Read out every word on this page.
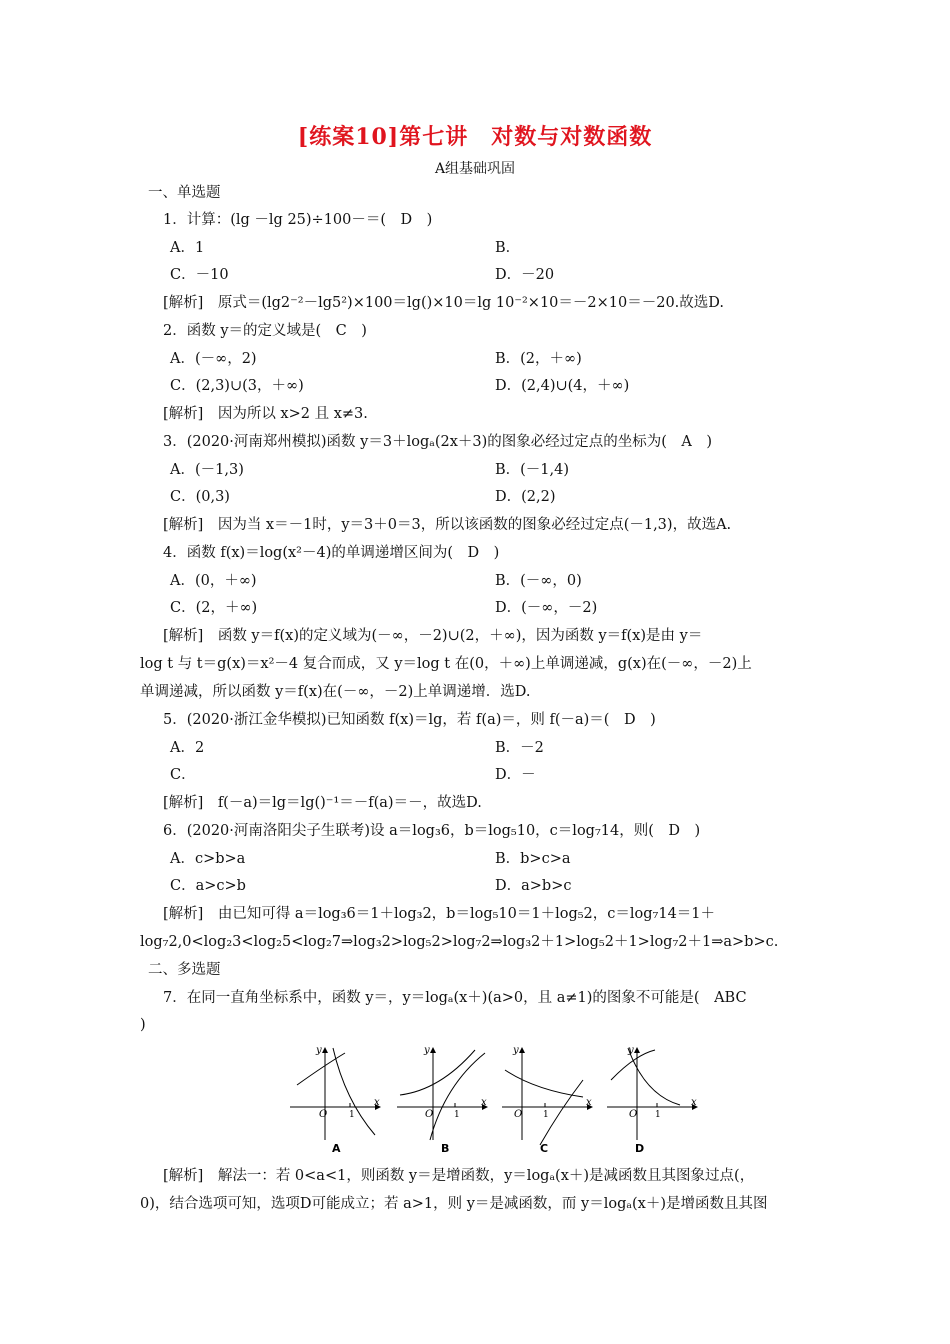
[练案10]第七讲　对数与对数函数
A组基础巩固
一、单选题
1．计算：(lg －lg 25)÷100－＝(　D　)
A．1	B．
C．－10	D．－20
[解析]　原式＝(lg2⁻²－lg5²)×100＝lg()×10＝lg 10⁻²×10＝－2×10＝－20.故选D.
2．函数 y＝的定义域是(　C　)
A．(－∞，2)	B．(2，＋∞)
C．(2,3)∪(3，＋∞)	D．(2,4)∪(4，＋∞)
[解析]　因为所以 x>2 且 x≠3.
3．(2020·河南郑州模拟)函数 y＝3＋logₐ(2x＋3)的图象必经过定点的坐标为(　A　)
A．(－1,3)	B．(－1,4)
C．(0,3)	D．(2,2)
[解析]　因为当 x＝－1时，y＝3＋0＝3，所以该函数的图象必经过定点(－1,3)，故选A.
4．函数 f(x)＝log(x²－4)的单调递增区间为(　D　)
A．(0，＋∞)	B．(－∞，0)
C．(2，＋∞)	D．(－∞，－2)
[解析]　函数 y＝f(x)的定义域为(－∞，－2)∪(2，＋∞)，因为函数 y＝f(x)是由 y＝
log t 与 t＝g(x)＝x²－4 复合而成，又 y＝log t 在(0，＋∞)上单调递减，g(x)在(－∞，－2)上
单调递减，所以函数 y＝f(x)在(－∞，－2)上单调递增．选D.
5．(2020·浙江金华模拟)已知函数 f(x)＝lg，若 f(a)＝，则 f(－a)＝(　D　)
A．2	B．－2
C．	D．－
[解析]　f(－a)＝lg＝lg()⁻¹＝－f(a)＝－，故选D.
6．(2020·河南洛阳尖子生联考)设 a＝log₃6，b＝log₅10，c＝log₇14，则(　D　)
A．c>b>a	B．b>c>a
C．a>c>b	D．a>b>c
[解析]　由已知可得 a＝log₃6＝1＋log₃2，b＝log₅10＝1＋log₅2，c＝log₇14＝1＋
log₇2,0<log₂3<log₂5<log₂7⇒log₃2>log₅2>log₇2⇒log₃2＋1>log₅2＋1>log₇2＋1⇒a>b>c.
二、多选题
7．在同一直角坐标系中，函数 y＝，y＝logₐ(x＋)(a>0，且 a≠1)的图象不可能是(　ABC
)
O 1
x
y
A
O 1
x
y
B
O 1
x
y
C
O 1
x
y
D
[解析]　解法一：若 0<a<1，则函数 y＝是增函数，y＝logₐ(x＋)是减函数且其图象过点(，
0)，结合选项可知，选项D可能成立；若 a>1，则 y＝是减函数，而 y＝logₐ(x＋)是增函数且其图
